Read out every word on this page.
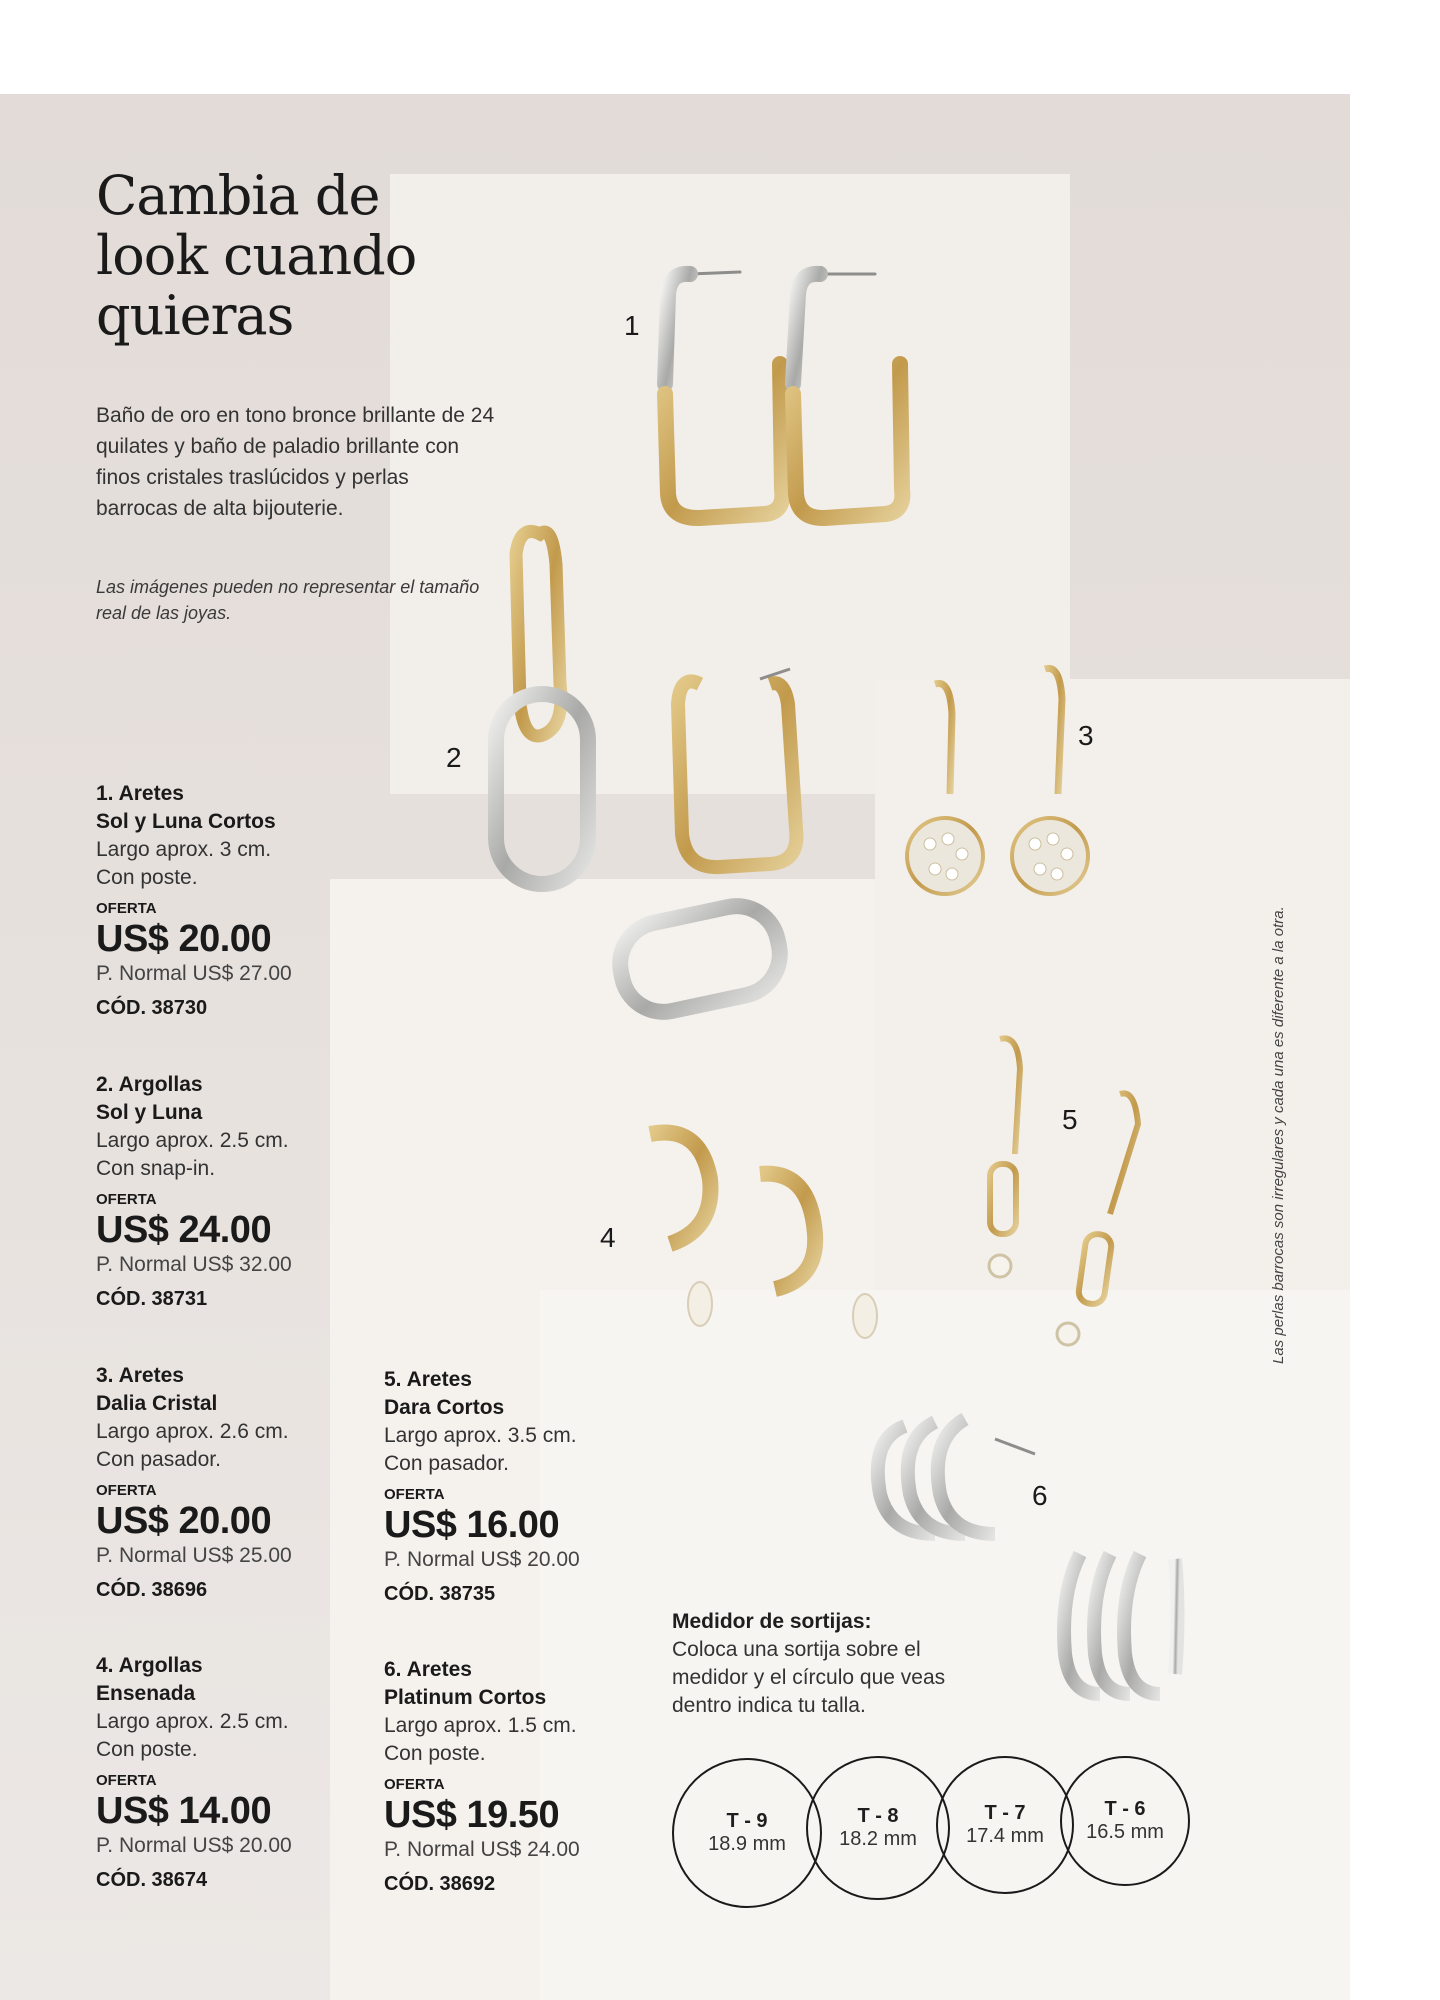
Cambia de look cuando quieras
Baño de oro en tono bronce brillante de 24 quilates y baño de paladio brillante con finos cristales traslúcidos y perlas barrocas de alta bijouterie.
Las imágenes pueden no representar el tamaño real de las joyas.
1
2
3
4
5
6
Las perlas barrocas son irregulares y cada una es diferente a la otra.
1. Aretes
Sol y Luna Cortos
Largo aprox. 3 cm.
Con poste.
OFERTA
US$ 20.00
P. Normal US$ 27.00
CÓD. 38730
2. Argollas
Sol y Luna
Largo aprox. 2.5 cm.
Con snap-in.
OFERTA
US$ 24.00
P. Normal US$ 32.00
CÓD. 38731
3. Aretes
Dalia Cristal
Largo aprox. 2.6 cm.
Con pasador.
OFERTA
US$ 20.00
P. Normal US$ 25.00
CÓD. 38696
4. Argollas
Ensenada
Largo aprox. 2.5 cm.
Con poste.
OFERTA
US$ 14.00
P. Normal US$ 20.00
CÓD. 38674
5. Aretes
Dara Cortos
Largo aprox. 3.5 cm.
Con pasador.
OFERTA
US$ 16.00
P. Normal US$ 20.00
CÓD. 38735
6. Aretes
Platinum Cortos
Largo aprox. 1.5 cm.
Con poste.
OFERTA
US$ 19.50
P. Normal US$ 24.00
CÓD. 38692
Medidor de sortijas:
Coloca una sortija sobre el medidor y el círculo que veas dentro indica tu talla.
T - 9
18.9 mm
T - 8
18.2 mm
T - 7
17.4 mm
T - 6
16.5 mm
